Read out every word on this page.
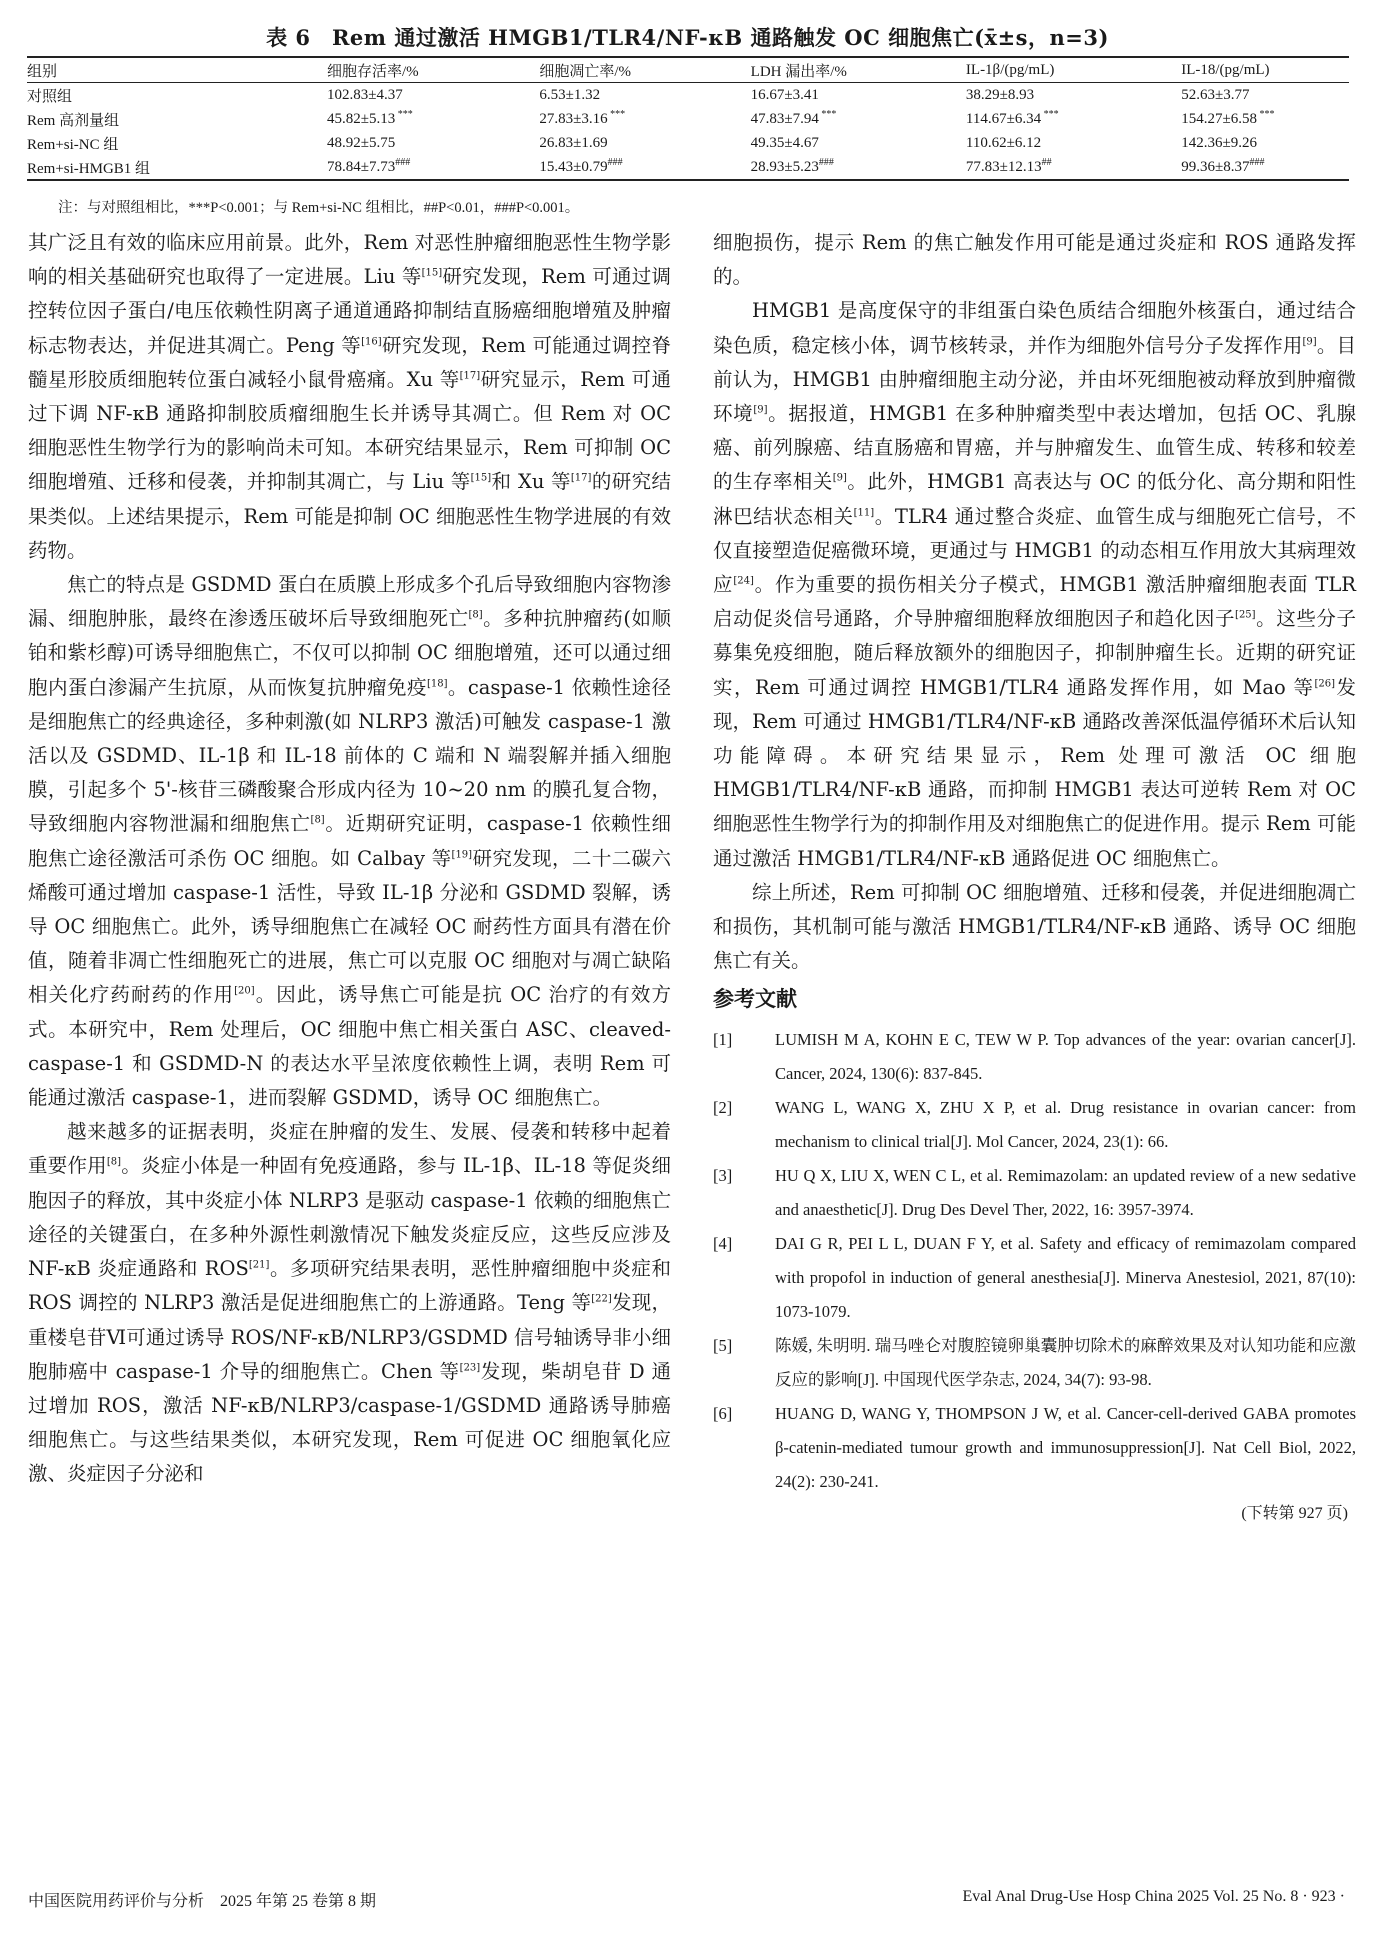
表 6　Rem 通过激活 HMGB1/TLR4/NF-κB 通路触发 OC 细胞焦亡(x̄±s，n=3)
组别	细胞存活率/%	细胞凋亡率/%	LDH 漏出率/%	IL-1β/(pg/mL)	IL-18/(pg/mL)
对照组	102.83±4.37	6.53±1.32	16.67±3.41	38.29±8.93	52.63±3.77
Rem 高剂量组	45.82±5.13 ***	27.83±3.16 ***	47.83±7.94 ***	114.67±6.34 ***	154.27±6.58 ***
Rem+si-NC 组	48.92±5.75	26.83±1.69	49.35±4.67	110.62±6.12	142.36±9.26
Rem+si-HMGB1 组	78.84±7.73###	15.43±0.79###	28.93±5.23###	77.83±12.13##	99.36±8.37###
注：与对照组相比，***P<0.001；与 Rem+si-NC 组相比，##P<0.01，###P<0.001。

其广泛且有效的临床应用前景。此外，Rem 对恶性肿瘤细胞恶性生物学影响的相关基础研究也取得了一定进展。Liu 等[15]研究发现，Rem 可通过调控转位因子蛋白/电压依赖性阴离子通道通路抑制结直肠癌细胞增殖及肿瘤标志物表达，并促进其凋亡。Peng 等[16]研究发现，Rem 可能通过调控脊髓星形胶质细胞转位蛋白减轻小鼠骨癌痛。Xu 等[17]研究显示，Rem 可通过下调 NF-κB 通路抑制胶质瘤细胞生长并诱导其凋亡。但 Rem 对 OC 细胞恶性生物学行为的影响尚未可知。本研究结果显示，Rem 可抑制 OC 细胞增殖、迁移和侵袭，并抑制其凋亡，与 Liu 等[15]和 Xu 等[17]的研究结果类似。上述结果提示，Rem 可能是抑制 OC 细胞恶性生物学进展的有效药物。

焦亡的特点是 GSDMD 蛋白在质膜上形成多个孔后导致细胞内容物渗漏、细胞肿胀，最终在渗透压破坏后导致细胞死亡[8]。多种抗肿瘤药(如顺铂和紫杉醇)可诱导细胞焦亡，不仅可以抑制 OC 细胞增殖，还可以通过细胞内蛋白渗漏产生抗原，从而恢复抗肿瘤免疫[18]。caspase-1 依赖性途径是细胞焦亡的经典途径，多种刺激(如 NLRP3 激活)可触发 caspase-1 激活以及 GSDMD、IL-1β 和 IL-18 前体的 C 端和 N 端裂解并插入细胞膜，引起多个 5'-核苷三磷酸聚合形成内径为 10~20 nm 的膜孔复合物，导致细胞内容物泄漏和细胞焦亡[8]。近期研究证明，caspase-1 依赖性细胞焦亡途径激活可杀伤 OC 细胞。如 Calbay 等[19]研究发现，二十二碳六烯酸可通过增加 caspase-1 活性，导致 IL-1β 分泌和 GSDMD 裂解，诱导 OC 细胞焦亡。此外，诱导细胞焦亡在减轻 OC 耐药性方面具有潜在价值，随着非凋亡性细胞死亡的进展，焦亡可以克服 OC 细胞对与凋亡缺陷相关化疗药耐药的作用[20]。因此，诱导焦亡可能是抗 OC 治疗的有效方式。本研究中，Rem 处理后，OC 细胞中焦亡相关蛋白 ASC、cleaved-caspase-1 和 GSDMD-N 的表达水平呈浓度依赖性上调，表明 Rem 可能通过激活 caspase-1，进而裂解 GSDMD，诱导 OC 细胞焦亡。

越来越多的证据表明，炎症在肿瘤的发生、发展、侵袭和转移中起着重要作用[8]。炎症小体是一种固有免疫通路，参与 IL-1β、IL-18 等促炎细胞因子的释放，其中炎症小体 NLRP3 是驱动 caspase-1 依赖的细胞焦亡途径的关键蛋白，在多种外源性刺激情况下触发炎症反应，这些反应涉及 NF-κB 炎症通路和 ROS[21]。多项研究结果表明，恶性肿瘤细胞中炎症和 ROS 调控的 NLRP3 激活是促进细胞焦亡的上游通路。Teng 等[22]发现，重楼皂苷Ⅵ可通过诱导 ROS/NF-κB/NLRP3/GSDMD 信号轴诱导非小细胞肺癌中 caspase-1 介导的细胞焦亡。Chen 等[23]发现，柴胡皂苷 D 通过增加 ROS，激活 NF-κB/NLRP3/caspase-1/GSDMD 通路诱导肺癌细胞焦亡。与这些结果类似，本研究发现，Rem 可促进 OC 细胞氧化应激、炎症因子分泌和

细胞损伤，提示 Rem 的焦亡触发作用可能是通过炎症和 ROS 通路发挥的。

HMGB1 是高度保守的非组蛋白染色质结合细胞外核蛋白，通过结合染色质，稳定核小体，调节核转录，并作为细胞外信号分子发挥作用[9]。目前认为，HMGB1 由肿瘤细胞主动分泌，并由坏死细胞被动释放到肿瘤微环境[9]。据报道，HMGB1 在多种肿瘤类型中表达增加，包括 OC、乳腺癌、前列腺癌、结直肠癌和胃癌，并与肿瘤发生、血管生成、转移和较差的生存率相关[9]。此外，HMGB1 高表达与 OC 的低分化、高分期和阳性淋巴结状态相关[11]。TLR4 通过整合炎症、血管生成与细胞死亡信号，不仅直接塑造促癌微环境，更通过与 HMGB1 的动态相互作用放大其病理效应[24]。作为重要的损伤相关分子模式，HMGB1 激活肿瘤细胞表面 TLR 启动促炎信号通路，介导肿瘤细胞释放细胞因子和趋化因子[25]。这些分子募集免疫细胞，随后释放额外的细胞因子，抑制肿瘤生长。近期的研究证实，Rem 可通过调控 HMGB1/TLR4 通路发挥作用，如 Mao 等[26]发现，Rem 可通过 HMGB1/TLR4/NF-κB 通路改善深低温停循环术后认知功能障碍。本研究结果显示，Rem 处理可激活 OC 细胞 HMGB1/TLR4/NF-κB 通路，而抑制 HMGB1 表达可逆转 Rem 对 OC 细胞恶性生物学行为的抑制作用及对细胞焦亡的促进作用。提示 Rem 可能通过激活 HMGB1/TLR4/NF-κB 通路促进 OC 细胞焦亡。

综上所述，Rem 可抑制 OC 细胞增殖、迁移和侵袭，并促进细胞凋亡和损伤，其机制可能与激活 HMGB1/TLR4/NF-κB 通路、诱导 OC 细胞焦亡有关。

参考文献
[1]	LUMISH M A, KOHN E C, TEW W P. Top advances of the year: ovarian cancer[J]. Cancer, 2024, 130(6): 837-845.
[2]	WANG L, WANG X, ZHU X P, et al. Drug resistance in ovarian cancer: from mechanism to clinical trial[J]. Mol Cancer, 2024, 23(1): 66.
[3]	HU Q X, LIU X, WEN C L, et al. Remimazolam: an updated review of a new sedative and anaesthetic[J]. Drug Des Devel Ther, 2022, 16: 3957-3974.
[4]	DAI G R, PEI L L, DUAN F Y, et al. Safety and efficacy of remimazolam compared with propofol in induction of general anesthesia[J]. Minerva Anestesiol, 2021, 87(10): 1073-1079.
[5]	陈媛, 朱明明. 瑞马唑仑对腹腔镜卵巢囊肿切除术的麻醉效果及对认知功能和应激反应的影响[J]. 中国现代医学杂志, 2024, 34(7): 93-98.
[6]	HUANG D, WANG Y, THOMPSON J W, et al. Cancer-cell-derived GABA promotes β-catenin-mediated tumour growth and immunosuppression[J]. Nat Cell Biol, 2022, 24(2): 230-241.
(下转第 927 页)
中国医院用药评价与分析　2025 年第 25 卷第 8 期	Eval Anal Drug-Use Hosp China 2025 Vol. 25 No. 8 · 923 ·
